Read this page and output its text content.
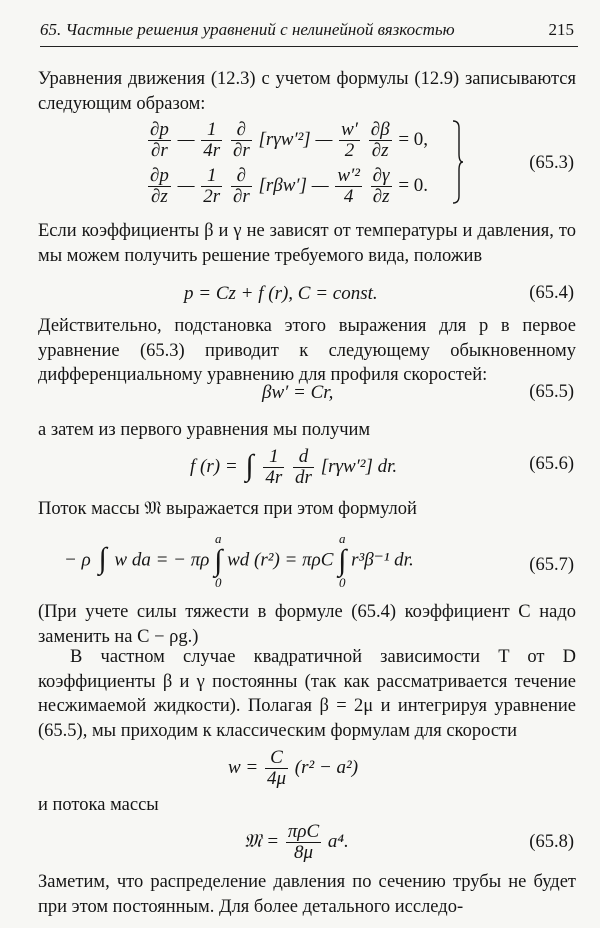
65. Частные решения уравнений с нелинейной вязкостью	215

Уравнения движения (12.3) с учетом формулы (12.9) записываются следующим образом:

$\frac{\partial p}{\partial r}$ — $\frac{1}{4r}$
$\frac{\partial}{\partial r} [r\gamma w'^2]$ — $\frac{w'}{2}$
$\frac{\partial\beta}{\partial z} = 0$,
$\frac{\partial p}{\partial z}$ — $\frac{1}{2r}$
$\frac{\partial}{\partial r} [r\beta w']$ — $\frac{\text{w′²}}{4}$
$\frac{\partial\gamma}{\partial z} = 0$.
(65.3)

Если коэффициенты β и γ не зависят от температуры и давления, то мы можем получить решение требуемого вида, положив

p = Cz + f (r), C = const.	(65.4)

Действительно, подстановка этого выражения для p в первое уравнение (65.3) приводит к следующему обыкновенному дифференциальному уравнению для профиля скоростей:

βw′ = Cr,	(65.5)

а затем из первого уравнения мы получим

f (r) = ∫ $\frac{1}{4r}$
$\frac{d}{dr} [r\gamma w'^2]$ dr.	(65.6)

Поток массы 𝔐 выражается при этом формулой

− ρ ∫ w da = − πρ
a
∫
0
wd (r²) = πρC
a
∫
0
r³β⁻¹ dr.	(65.7)

(При учете силы тяжести в формуле (65.4) коэффициент C надо заменить на C − ρg.)

В частном случае квадратичной зависимости T от D коэффициенты β и γ постоянны (так как рассматривается течение несжимаемой жидкости). Полагая β = 2μ и интегрируя уравнение (65.5), мы приходим к классическим формулам для скорости

$w = \frac{C}{4\mu} (r^2 - a^2)$

и потока массы

𝔐 = $\frac{\text{πρC}}{8\mu} a^4$.	(65.8)

Заметим, что распределение давления по сечению трубы не будет при этом постоянным. Для более детального исследо-
